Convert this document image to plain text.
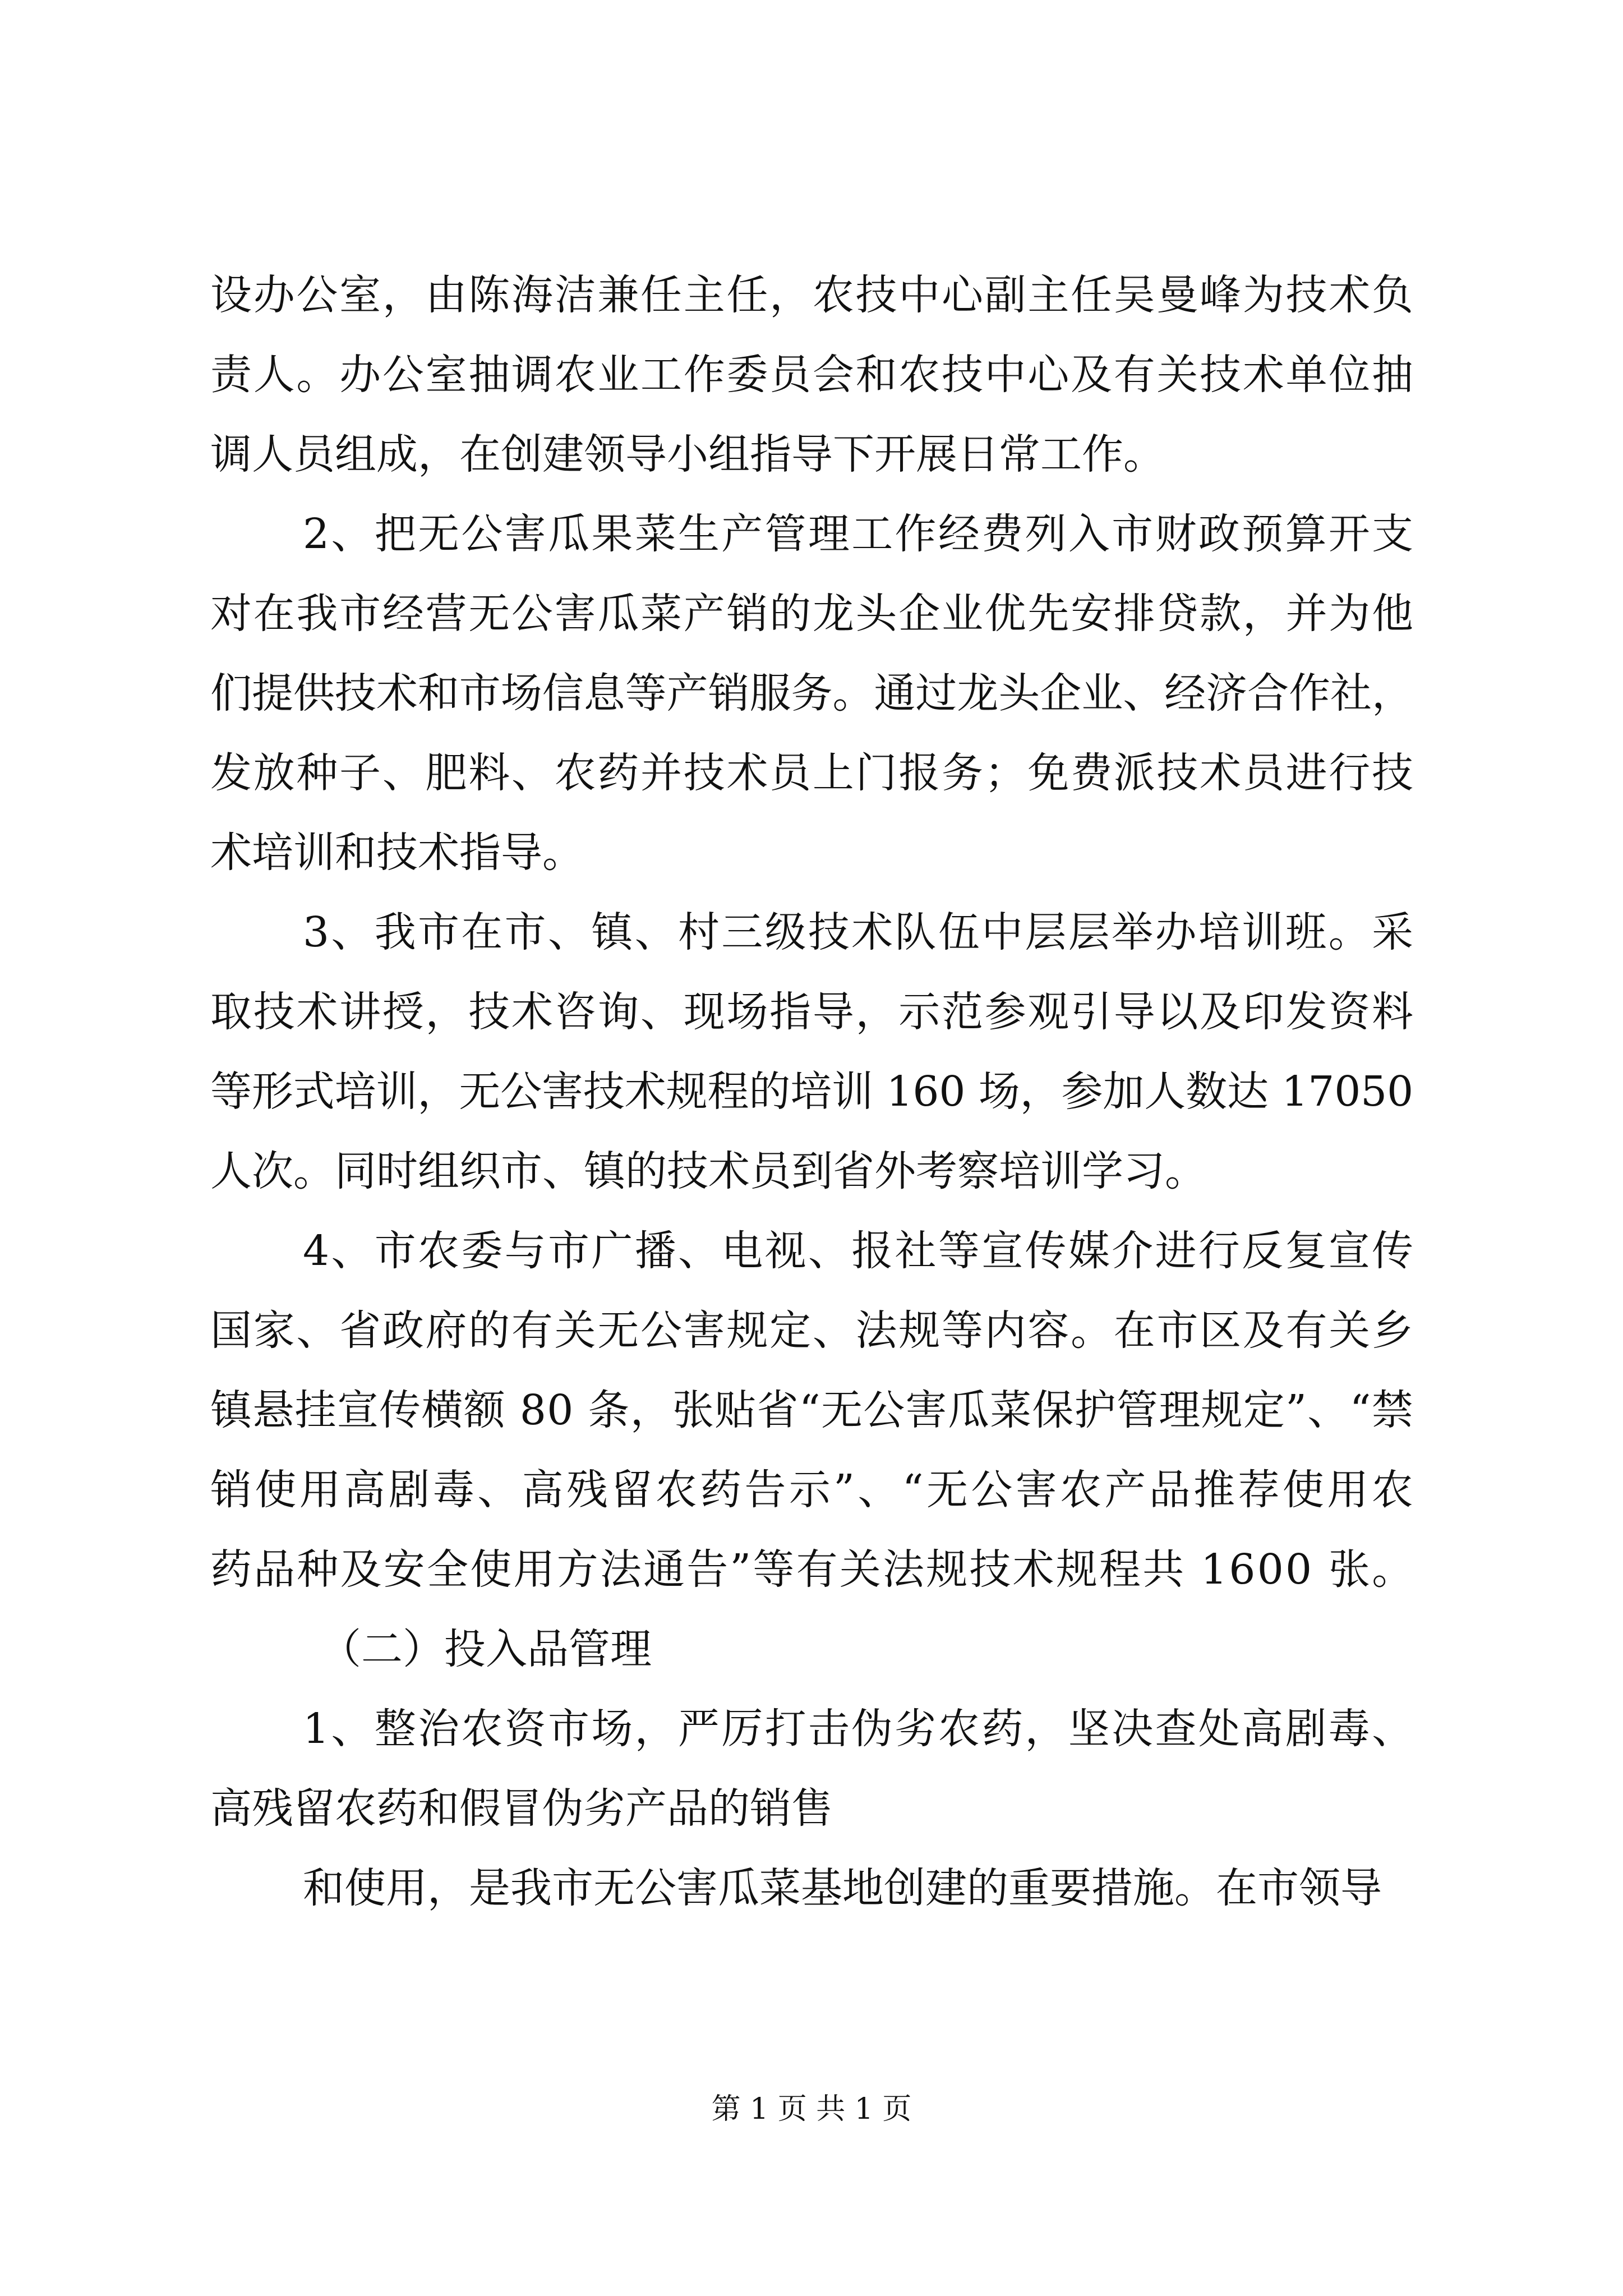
设办公室，由陈海洁兼任主任，农技中心副主任吴曼峰为技术负
责人。办公室抽调农业工作委员会和农技中心及有关技术单位抽
调人员组成，在创建领导小组指导下开展日常工作。
2、把无公害瓜果菜生产管理工作经费列入市财政预算开支
对在我市经营无公害瓜菜产销的龙头企业优先安排贷款，并为他
们提供技术和市场信息等产销服务。通过龙头企业、经济合作社，
发放种子、肥料、农药并技术员上门报务；免费派技术员进行技
术培训和技术指导。
3、我市在市、镇、村三级技术队伍中层层举办培训班。采
取技术讲授，技术咨询、现场指导，示范参观引导以及印发资料
等形式培训，无公害技术规程的培训 160 场，参加人数达 17050
人次。同时组织市、镇的技术员到省外考察培训学习。
4、市农委与市广播、电视、报社等宣传媒介进行反复宣传
国家、省政府的有关无公害规定、法规等内容。在市区及有关乡
镇悬挂宣传横额 80 条，张贴省“无公害瓜菜保护管理规定”、“禁
销使用高剧毒、高残留农药告示”、“无公害农产品推荐使用农
药品种及安全使用方法通告”等有关法规技术规程共 1600 张。
（二）投入品管理
1、整治农资市场，严厉打击伪劣农药，坚决查处高剧毒、
高残留农药和假冒伪劣产品的销售
和使用，是我市无公害瓜菜基地创建的重要措施。在市领导
第 1 页 共 1 页
